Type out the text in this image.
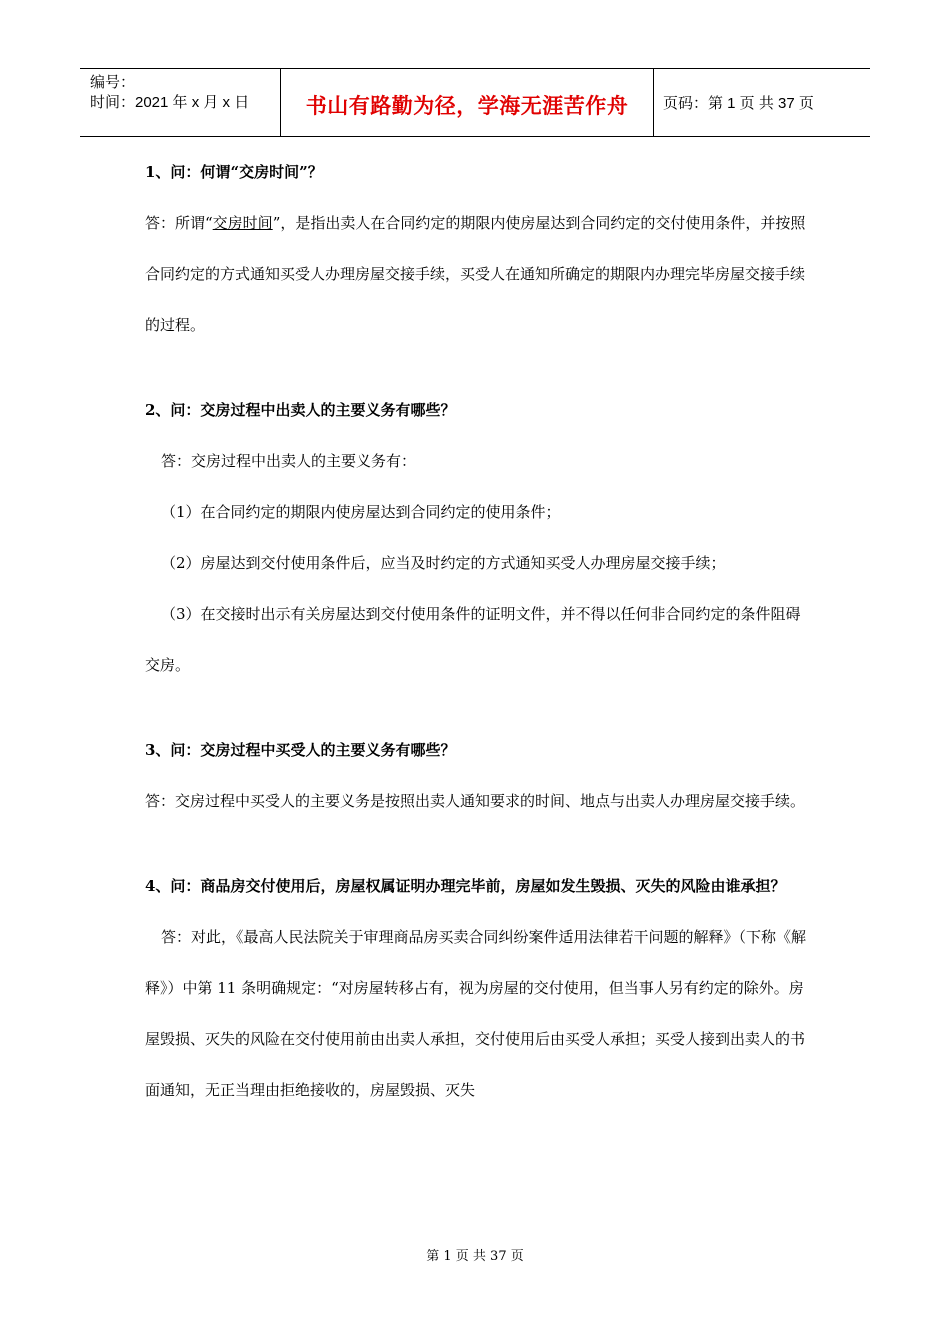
编号：
时间：2021 年 x 月 x 日	书山有路勤为径，学海无涯苦作舟 页码：第 1 页 共 37 页

1、问：何谓“交房时间”？

答：所谓“交房时间”，是指出卖人在合同约定的期限内使房屋达到合同约定的交付使用条件，并按照合同约定的方式通知买受人办理房屋交接手续，买受人在通知所确定的期限内办理完毕房屋交接手续的过程。

2、问：交房过程中出卖人的主要义务有哪些？

答：交房过程中出卖人的主要义务有：

（1）在合同约定的期限内使房屋达到合同约定的使用条件；

（2）房屋达到交付使用条件后，应当及时约定的方式通知买受人办理房屋交接手续；

（3）在交接时出示有关房屋达到交付使用条件的证明文件，并不得以任何非合同约定的条件阻碍交房。

3、问：交房过程中买受人的主要义务有哪些？

答：交房过程中买受人的主要义务是按照出卖人通知要求的时间、地点与出卖人办理房屋交接手续。

4、问：商品房交付使用后，房屋权属证明办理完毕前，房屋如发生毁损、灭失的风险由谁承担？

答：对此，《最高人民法院关于审理商品房买卖合同纠纷案件适用法律若干问题的解释》（下称《解释》）中第 11 条明确规定：“对房屋转移占有，视为房屋的交付使用，但当事人另有约定的除外。房屋毁损、灭失的风险在交付使用前由出卖人承担，交付使用后由买受人承担；买受人接到出卖人的书面通知，无正当理由拒绝接收的，房屋毁损、灭失

第 1 页 共 37 页
